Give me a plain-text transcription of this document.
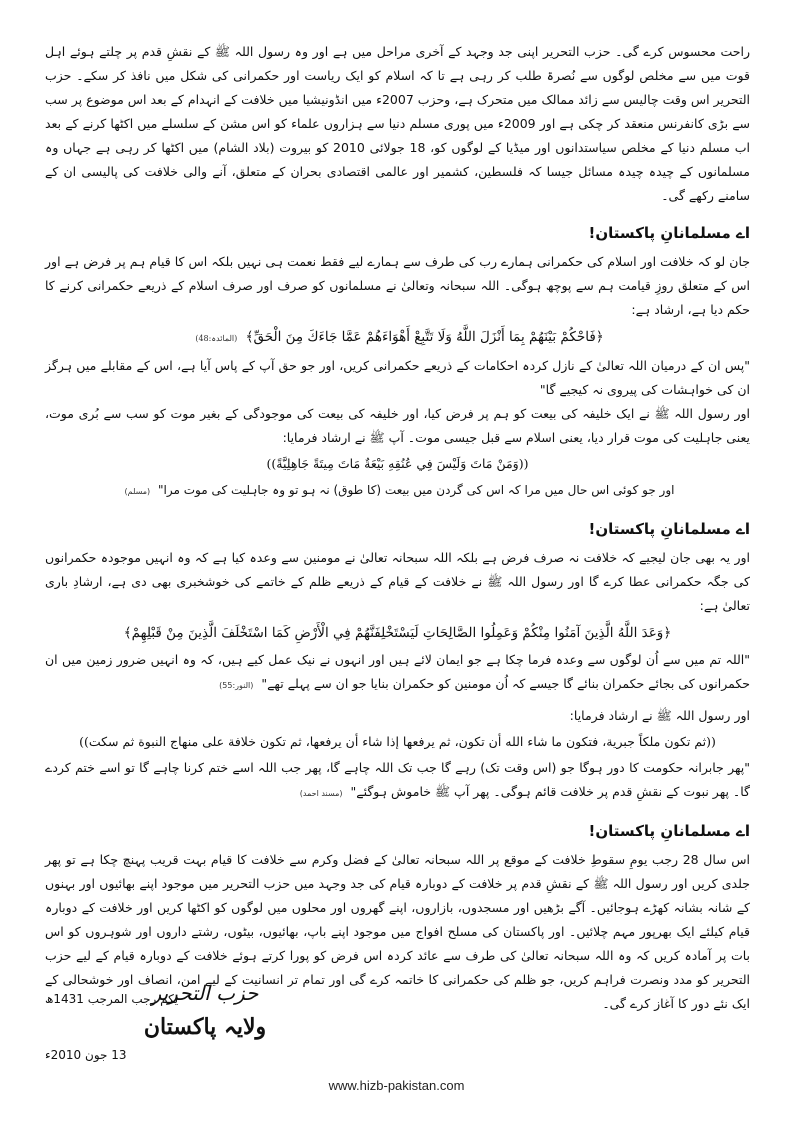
راحت محسوس کرے گی۔ حزب التحریر اپنی جد وجہد کے آخری مراحل میں ہے اور وہ رسول اللہ ﷺ کے نقشِ قدم پر چلتے ہوئے اہل قوت میں سے مخلص لوگوں سے نُصرۃ طلب کر رہی ہے تا کہ اسلام کو ایک ریاست اور حکمرانی کی شکل میں نافذ کر سکے۔ حزب التحریر اس وقت چالیس سے زائد ممالک میں متحرک ہے، وحزب 2007ء میں انڈونیشیا میں خلافت کے انہدام کے بعد اس موضوع پر سب سے بڑی کانفرنس منعقد کر چکی ہے اور 2009ء میں پوری مسلم دنیا سے ہزاروں علماء کو اس مشن کے سلسلے میں اکٹھا کرنے کے بعد اب مسلم دنیا کے مخلص سیاستدانوں اور میڈیا کے لوگوں کو، 18 جولائی 2010 کو بیروت (بلاد الشام) میں اکٹھا کر رہی ہے جہاں وہ مسلمانوں کے چیدہ چیدہ مسائل جیسا کہ فلسطین، کشمیر اور عالمی اقتصادی بحران کے متعلق، آنے والی خلافت کی پالیسی ان کے سامنے رکھے گی۔

اے مسلمانانِ پاکستان!

جان لو کہ خلافت اور اسلام کی حکمرانی ہمارے رب کی طرف سے ہمارے لیے فقط نعمت ہی نہیں بلکہ اس کا قیام ہم پر فرض ہے اور اس کے متعلق روزِ قیامت ہم سے پوچھ ہوگی۔ اللہ سبحانہ وتعالیٰ نے مسلمانوں کو صرف اور صرف اسلام کے ذریعے حکمرانی کرنے کا حکم دیا ہے، ارشاد ہے:

﴿فَاحْكُمْ بَيْنَهُمْ بِمَا أَنْزَلَ اللَّهُ وَلَا تَتَّبِعْ أَهْوَاءَهُمْ عَمَّا جَاءَكَ مِنَ الْحَقِّ﴾ (المائدہ:48)

"پس ان کے درمیان اللہ تعالیٰ کے نازل کردہ احکامات کے ذریعے حکمرانی کریں، اور جو حق آپ کے پاس آیا ہے، اس کے مقابلے میں ہرگز ان کی خواہشات کی پیروی نہ کیجیے گا"

اور رسول اللہ ﷺ نے ایک خلیفہ کی بیعت کو ہم پر فرض کیا، اور خلیفہ کی بیعت کی موجودگی کے بغیر موت کو سب سے بُری موت، یعنی جاہلیت کی موت قرار دیا، یعنی اسلام سے قبل جیسی موت۔ آپ ﷺ نے ارشاد فرمایا:

((وَمَنْ مَاتَ وَلَيْسَ فِي عُنُقِهِ بَيْعَةٌ مَاتَ مِيتَةً جَاهِلِيَّةً))

اور جو کوئی اس حال میں مرا کہ اس کی گردن میں بیعت (کا طوق) نہ ہو تو وہ جاہلیت کی موت مرا" (مسلم)

اے مسلمانانِ پاکستان!

اور یہ بھی جان لیجیے کہ خلافت نہ صرف فرض ہے بلکہ اللہ سبحانہ تعالیٰ نے مومنین سے وعدہ کیا ہے کہ وہ انہیں موجودہ حکمرانوں کی جگہ حکمرانی عطا کرے گا اور رسول اللہ ﷺ نے خلافت کے قیام کے ذریعے ظلم کے خاتمے کی خوشخبری بھی دی ہے، ارشادِ باری تعالیٰ ہے:

﴿وَعَدَ اللَّهُ الَّذِينَ آمَنُوا مِنْكُمْ وَعَمِلُوا الصَّالِحَاتِ لَيَسْتَخْلِفَنَّهُمْ فِي الْأَرْضِ كَمَا اسْتَخْلَفَ الَّذِينَ مِنْ قَبْلِهِمْ﴾

"اللہ تم میں سے اُن لوگوں سے وعدہ فرما چکا ہے جو ایمان لائے ہیں اور انہوں نے نیک عمل کیے ہیں، کہ وہ انہیں ضرور زمین میں ان حکمرانوں کی بجائے حکمران بنائے گا جیسے کہ اُن مومنین کو حکمران بنایا جو ان سے پہلے تھے" (النور:55)

اور رسول اللہ ﷺ نے ارشاد فرمایا:

((ثم تكون ملكاً جبرية، فتكون ما شاء الله أن تكون، ثم يرفعها إذا شاء أن يرفعها، ثم تكون خلافة على منهاج النبوة ثم سكت))

"پھر جابرانہ حکومت کا دور ہوگا جو (اس وقت تک) رہے گا جب تک اللہ چاہے گا، پھر جب اللہ اسے ختم کرنا چاہے گا تو اسے ختم کردے گا۔ پھر نبوت کے نقشِ قدم پر خلافت قائم ہوگی۔ پھر آپ ﷺ خاموش ہوگئے" (مسند احمد)

اے مسلمانانِ پاکستان!

اس سال 28 رجب یومِ سقوطِ خلافت کے موقع پر اللہ سبحانہ تعالیٰ کے فضل وکرم سے خلافت کا قیام بہت قریب پہنچ چکا ہے تو پھر جلدی کریں اور رسول اللہ ﷺ کے نقشِ قدم پر خلافت کے دوبارہ قیام کی جد وجہد میں حزب التحریر میں موجود اپنے بھائیوں اور بہنوں کے شانہ بشانہ کھڑے ہوجائیں۔ آگے بڑھیں اور مسجدوں، بازاروں، اپنے گھروں اور محلوں میں لوگوں کو اکٹھا کریں اور خلافت کے دوبارہ قیام کیلئے ایک بھرپور مہم چلائیں۔ اور پاکستان کی مسلح افواج میں موجود اپنے باپ، بھائیوں، بیٹوں، رشتے داروں اور شوہروں کو اس بات پر آمادہ کریں کہ وہ اللہ سبحانہ تعالیٰ کی طرف سے عائد کردہ اس فرض کو پورا کرتے ہوئے خلافت کے دوبارہ قیام کے لیے حزب التحریر کو مدد ونصرت فراہم کریں، جو ظلم کی حکمرانی کا خاتمہ کرے گی اور تمام تر انسانیت کے لیے امن، انصاف اور خوشحالی کے ایک نئے دور کا آغاز کرے گی۔

حزب التحریر
ولایہ پاکستان
یکم رجب المرجب 1431ھ
13 جون 2010ء
www.hizb-pakistan.com
